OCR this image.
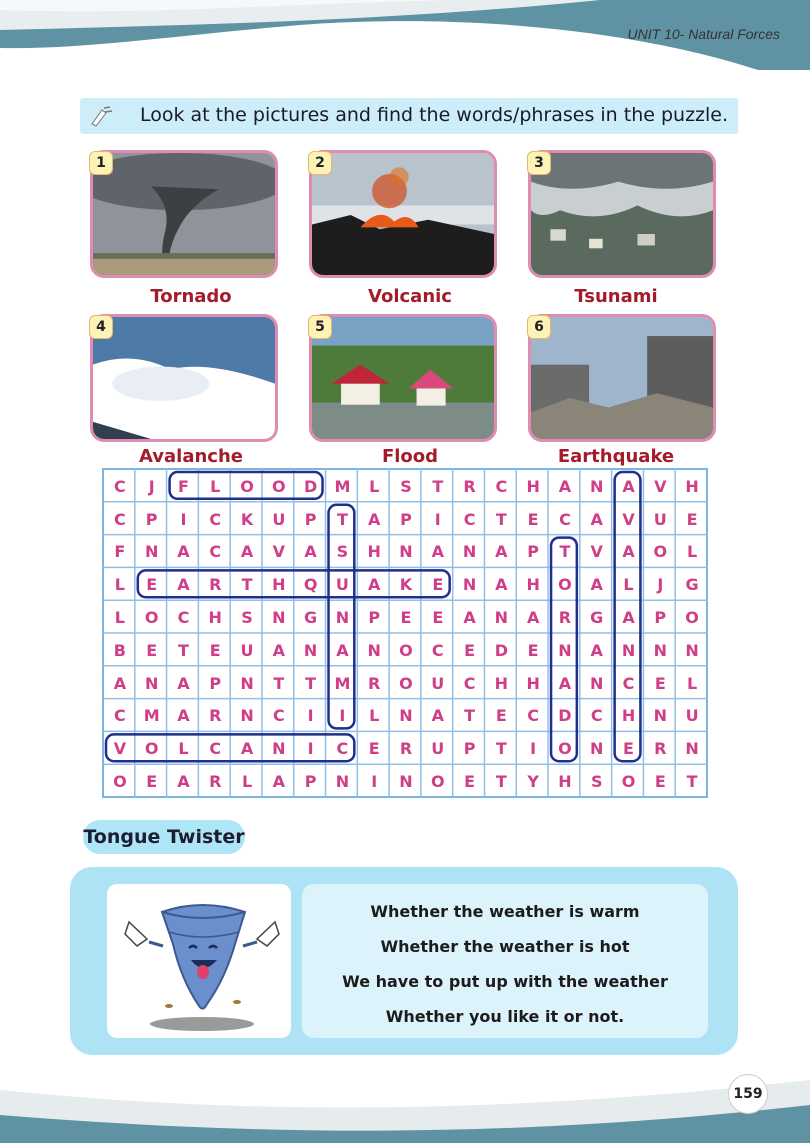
UNIT 10- Natural Forces
Look at the pictures and find the words/phrases in the puzzle.
1
Tornado
2
Volcanic
3
Tsunami
4
Avalanche
5
Flood
6
Earthquake
C	J	F	L	O	O	D	M	L	S	T	R	C	H	A	N	A	V	H
C	P	I	C	K	U	P	T	A	P	I	C	T	E	C	A	V	U	E
F	N	A	C	A	V	A	S	H	N	A	N	A	P	T	V	A	O	L
L	E	A	R	T	H	Q	U	A	K	E	N	A	H	O	A	L	J	G
L	O	C	H	S	N	G	N	P	E	E	A	N	A	R	G	A	P	O
B	E	T	E	U	A	N	A	N	O	C	E	D	E	N	A	N	N	N
A	N	A	P	N	T	T	M	R	O	U	C	H	H	A	N	C	E	L
C	M	A	R	N	C	I	I	L	N	A	T	E	C	D	C	H	N	U
V	O	L	C	A	N	I	C	E	R	U	P	T	I	O	N	E	R	N
O	E	A	R	L	A	P	N	I	N	O	E	T	Y	H	S	O	E	T
Tongue Twister
Whether the weather is warm
Whether the weather is hot
We have to put up with the weather
Whether you like it or not.
159
